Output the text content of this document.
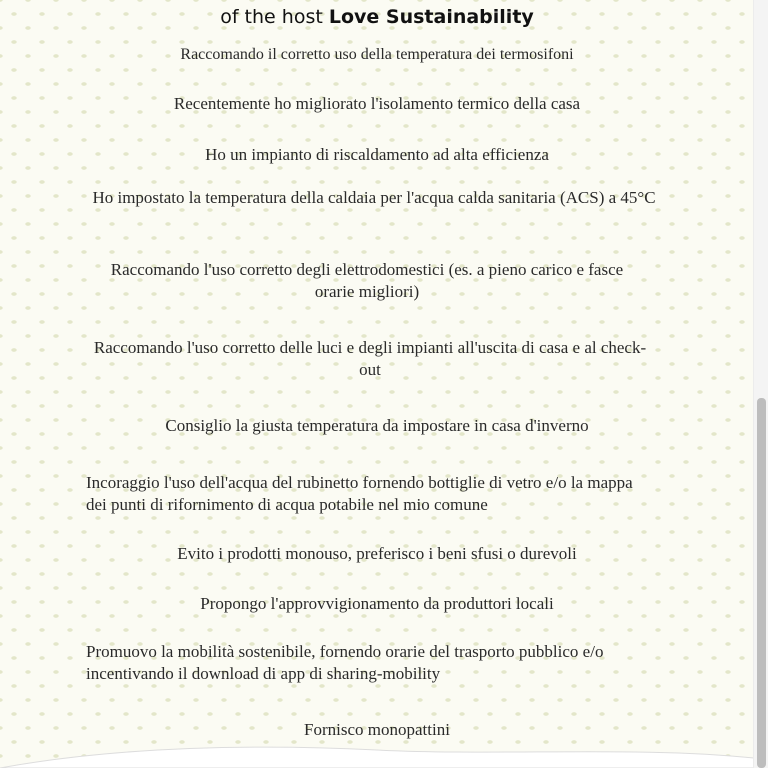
of the host Love Sustainability
Raccomando il corretto uso della temperatura dei termosifoni
Recentemente ho migliorato l'isolamento termico della casa
Ho un impianto di riscaldamento ad alta efficienza
Ho impostato la temperatura della caldaia per l'acqua calda sanitaria (ACS) a 45°C
Raccomando l'uso corretto degli elettrodomestici (es. a pieno carico e fasce orarie migliori)
Raccomando l'uso corretto delle luci e degli impianti all'uscita di casa e al check-out
Consiglio la giusta temperatura da impostare in casa d'inverno
Incoraggio l'uso dell'acqua del rubinetto fornendo bottiglie di vetro e/o la mappa dei punti di rifornimento di acqua potabile nel mio comune
Evito i prodotti monouso, preferisco i beni sfusi o durevoli
Propongo l'approvvigionamento da produttori locali
Promuovo la mobilità sostenibile, fornendo orarie del trasporto pubblico e/o incentivando il download di app di sharing-mobility
Fornisco monopattini
